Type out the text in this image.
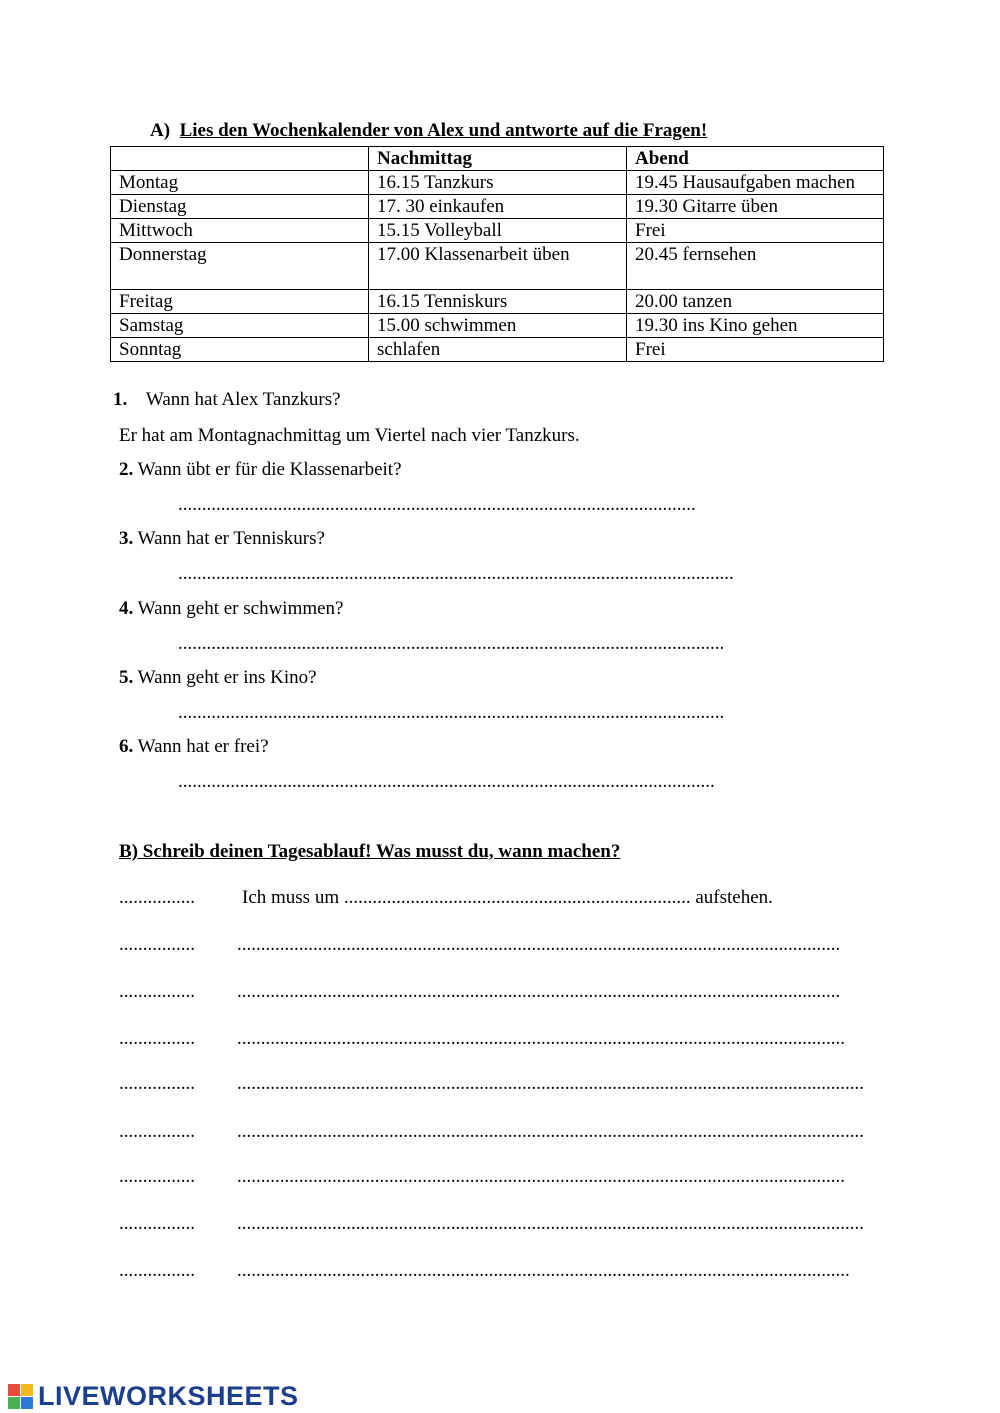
A) Lies den Wochenkalender von Alex und antworte auf die Fragen!
	Nachmittag	Abend
Montag	16.15 Tanzkurs	19.45 Hausaufgaben machen
Dienstag	17. 30 einkaufen	19.30 Gitarre üben
Mittwoch	15.15 Volleyball	Frei
Donnerstag	17.00 Klassenarbeit üben	20.45 fernsehen
Freitag	16.15 Tenniskurs	20.00 tanzen
Samstag	15.00 schwimmen	19.30 ins Kino gehen
Sonntag	schlafen	Frei
1. Wann hat Alex Tanzkurs?
Er hat am Montagnachmittag um Viertel nach vier Tanzkurs.
2. Wann übt er für die Klassenarbeit?
.............................................................................................................
3. Wann hat er Tenniskurs?
.....................................................................................................................
4. Wann geht er schwimmen?
...................................................................................................................
5. Wann geht er ins Kino?
...................................................................................................................
6. Wann hat er frei?
.................................................................................................................
B) Schreib deinen Tagesablauf! Was musst du, wann machen?
................ Ich muss um ......................................................................... aufstehen.
................ ...............................................................................................................................
................ ...............................................................................................................................
................ ................................................................................................................................
................ ....................................................................................................................................
................ ....................................................................................................................................
................ ................................................................................................................................
................ ....................................................................................................................................
................ .................................................................................................................................
LIVEWORKSHEETS
